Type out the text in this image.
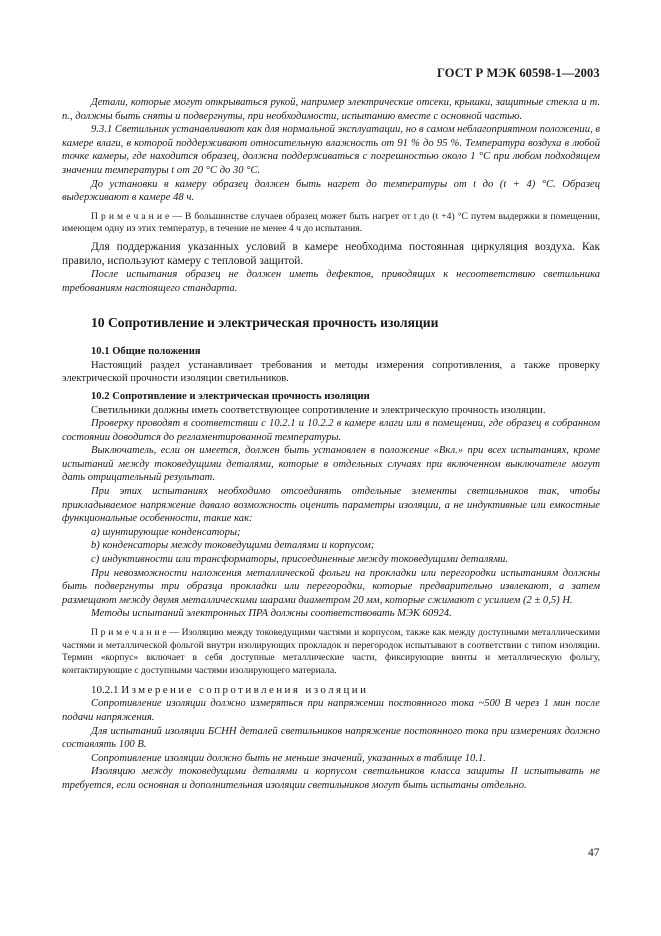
ГОСТ Р МЭК 60598-1—2003

Детали, которые могут открываться рукой, например электрические отсеки, крышки, защитные стекла и т. п., должны быть сняты и подвергнуты, при необходимости, испытанию вместе с основной частью.

9.3.1 Светильник устанавливают как для нормальной эксплуатации, но в самом неблагоприятном положении, в камере влаги, в которой поддерживают относительную влажность от 91 % до 95 %. Температура воздуха в любой точке камеры, где находится образец, должна поддерживаться с погрешностью около 1 °С при любом подходящем значении температуры t от 20 °С до 30 °С.

До установки в камеру образец должен быть нагрет до температуры от t до (t + 4) °С. Образец выдерживают в камере 48 ч.

П р и м е ч а н и е — В большинстве случаев образец может быть нагрет от t до (t +4) °С путем выдержки в помещении, имеющем одну из этих температур, в течение не менее 4 ч до испытания.

Для поддержания указанных условий в камере необходима постоянная циркуляция воздуха. Как правило, используют камеру с тепловой защитой.

После испытания образец не должен иметь дефектов, приводящих к несоответствию светильника требованиям настоящего стандарта.

10 Сопротивление и электрическая прочность изоляции
10.1 Общие положения

Настоящий раздел устанавливает требования и методы измерения сопротивления, а также проверку электрической прочности изоляции светильников.

10.2 Сопротивление и электрическая прочность изоляции

Светильники должны иметь соответствующее сопротивление и электрическую прочность изоляции.

Проверку проводят в соответствии с 10.2.1 и 10.2.2 в камере влаги или в помещении, где образец в собранном состоянии доводится до регламентированной температуры.

Выключатель, если он имеется, должен быть установлен в положение «Вкл.» при всех испытаниях, кроме испытаний между токоведущими деталями, которые в отдельных случаях при включенном выключателе могут дать отрицательный результат.

При этих испытаниях необходимо отсоединять отдельные элементы светильников так, чтобы прикладываемое напряжение давало возможность оценить параметры изоляции, а не индуктивные или емкостные функциональные особенности, такие как:

а) шунтирующие конденсаторы;

b) конденсаторы между токоведущими деталями и корпусом;

с) индуктивности или трансформаторы, присоединенные между токоведущими деталями.

При невозможности наложения металлической фольги на прокладки или перегородки испытаниям должны быть подвергнуты три образца прокладки или перегородки, которые предварительно извлекают, а затем размещают между двумя металлическими шарами диаметром 20 мм, которые сжимают с усилием (2 ± 0,5) Н.

Методы испытаний электронных ПРА должны соответствовать МЭК 60924.

П р и м е ч а н и е — Изоляцию между токоведущими частями и корпусом, также как между доступными металлическими частями и металлической фольгой внутри изолирующих прокладок и перегородок испытывают в соответствии с типом изоляции. Термин «корпус» включает в себя доступные металлические части, фиксирующие винты и металлическую фольгу, контактирующие с доступными частями изолирующего материала.

10.2.1 Измерение сопротивления изоляции

Сопротивление изоляции должно измеряться при напряжении постоянного тока ~500 В через 1 мин после подачи напряжения.

Для испытаний изоляции БСНН деталей светильников напряжение постоянного тока при измерениях должно составлять 100 В.

Сопротивление изоляции должно быть не меньше значений, указанных в таблице 10.1.

Изоляцию между токоведущими деталями и корпусом светильников класса защиты II испытывать не требуется, если основная и дополнительная изоляции светильников могут быть испытаны отдельно.

47
